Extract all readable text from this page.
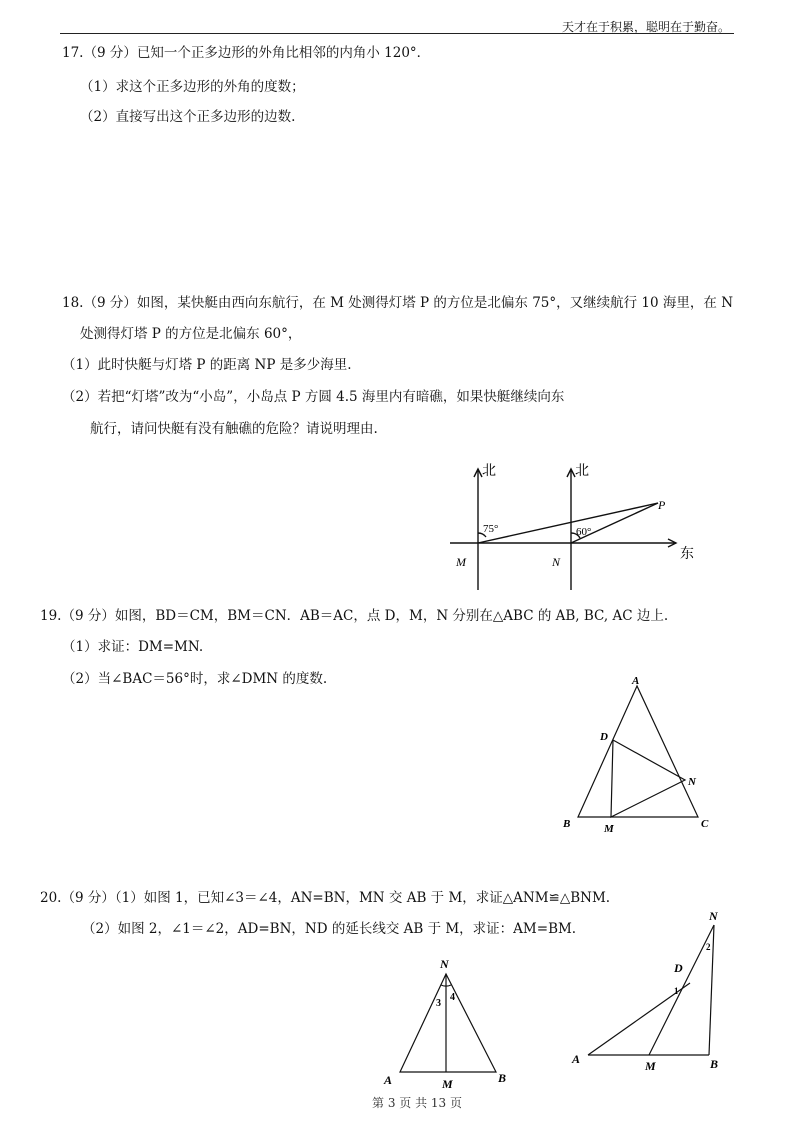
天才在于积累，聪明在于勤奋。
17.（9 分）已知一个正多边形的外角比相邻的内角小 120°．
（1）求这个正多边形的外角的度数；
（2）直接写出这个正多边形的边数.
18.（9 分）如图，某快艇由西向东航行，在 M 处测得灯塔 P 的方位是北偏东 75°，又继续航行 10 海里，在 N
处测得灯塔 P 的方位是北偏东 60°，
（1）此时快艇与灯塔 P 的距离 NP 是多少海里.
（2）若把“灯塔”改为“小岛”，小岛点 P 方圆 4.5 海里内有暗礁，如果快艇继续向东
航行，请问快艇有没有触礁的危险？请说明理由.
北	北
东
75°	60°
M	N
P
19.（9 分）如图，BD＝CM，BM＝CN．AB＝AC，点 D，M，N 分别在△ABC 的 AB, BC, AC 边上.
（1）求证：DM=MN.
（2）当∠BAC＝56°时，求∠DMN 的度数.	A
B	C
D
M
N
20.（9 分）（1）如图 1，已知∠3＝∠4，AN=BN，MN 交 AB 于 M，求证△ANM≌△BNM.
（2）如图 2，∠1＝∠2，AD=BN，ND 的延长线交 AB 于 M，求证：AM=BM.
N
3
4
A	M	B
N
2
D
1
A	M	B
第 3 页 共 13 页
